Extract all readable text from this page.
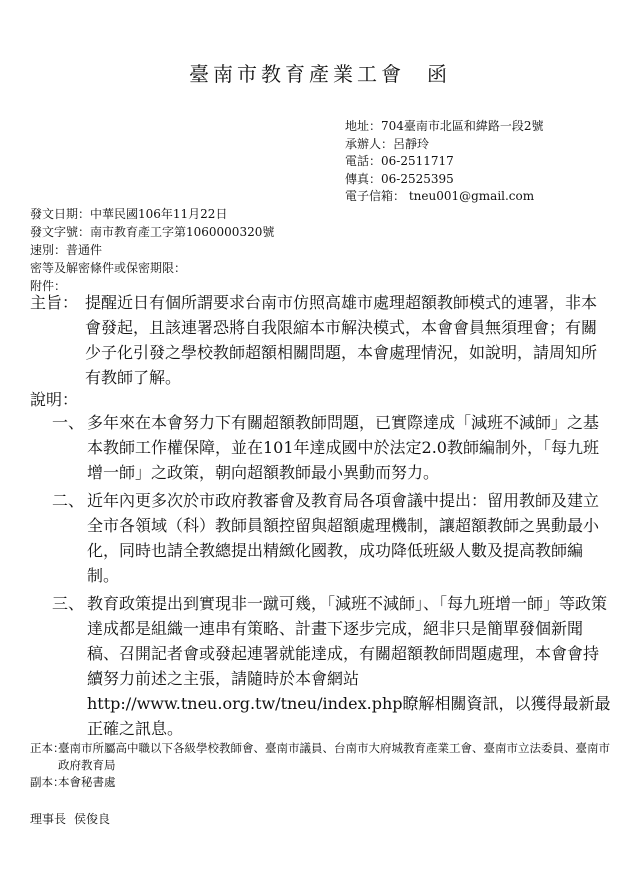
臺南市教育產業工會 函
地址：704臺南市北區和緯路一段2號
承辦人：呂靜玲
電話：06-2511717
傳真：06-2525395
電子信箱： tneu001@gmail.com
發文日期：中華民國106年11月22日
發文字號：南市教育產工字第1060000320號
速別：普通件
密等及解密條件或保密期限：
附件：
主旨： 提醒近日有個所謂要求台南市仿照高雄市處理超額教師模式的連署，非本會發起，且該連署恐將自我限縮本市解決模式，本會會員無須理會；有關少子化引發之學校教師超額相關問題，本會處理情況，如說明，請周知所有教師了解。
說明：
一、 多年來在本會努力下有關超額教師問題，已實際達成「減班不減師」之基本教師工作權保障，並在101年達成國中於法定2.0教師編制外，「每九班增一師」之政策，朝向超額教師最小異動而努力。
二、 近年內更多次於市政府教審會及教育局各項會議中提出：留用教師及建立全市各領域（科）教師員額控留與超額處理機制，讓超額教師之異動最小化，同時也請全教總提出精緻化國教，成功降低班級人數及提高教師編制。
三、 教育政策提出到實現非一蹴可幾，「減班不減師」、「每九班增一師」等政策達成都是組織一連串有策略、計畫下逐步完成，絕非只是簡單發個新聞稿、召開記者會或發起連署就能達成，有關超額教師問題處理，本會會持續努力前述之主張，請隨時於本會網站http://www.tneu.org.tw/tneu/index.php瞭解相關資訊，以獲得最新最正確之訊息。
正本：
臺南市所屬高中職以下各級學校教師會、臺南市議員、台南市大府城教育產業工會、臺南市立法委員、臺南市政府教育局
副本：
本會秘書處
理事長 侯俊良
